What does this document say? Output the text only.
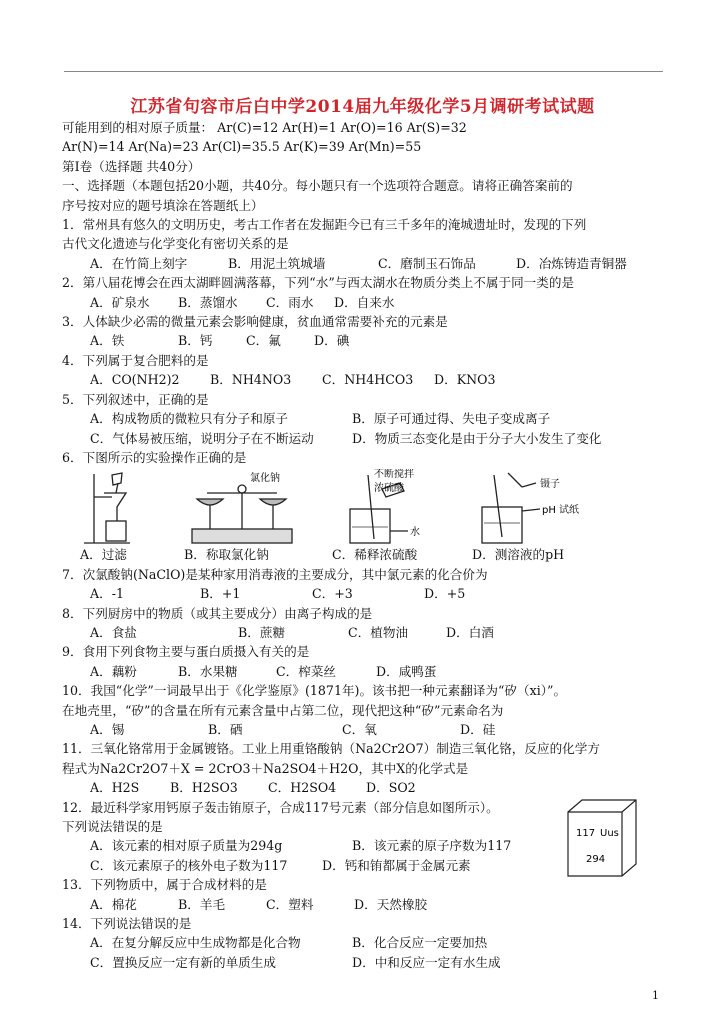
江苏省句容市后白中学2014届九年级化学5月调研考试试题
可能用到的相对原子质量： Ar(C)=12 Ar(H)=1 Ar(O)=16 Ar(S)=32
Ar(N)=14 Ar(Na)=23 Ar(Cl)=35.5 Ar(K)=39 Ar(Mn)=55
第Ⅰ卷（选择题 共40分）
一、选择题（本题包括20小题，共40分。每小题只有一个选项符合题意。请将正确答案前的
序号按对应的题号填涂在答题纸上）
1．常州具有悠久的文明历史，考古工作者在发掘距今已有三千多年的淹城遗址时，发现的下列
古代文化遗迹与化学变化有密切关系的是
A．在竹简上刻字	B．用泥土筑城墙	C．磨制玉石饰品	D．冶炼铸造青铜器
2．第八届花博会在西太湖畔圆满落幕，下列“水”与西太湖水在物质分类上不属于同一类的是
A．矿泉水	B．蒸馏水	C．雨水	D．自来水
3．人体缺少必需的微量元素会影响健康，贫血通常需要补充的元素是
A．铁	B．钙	C．氟	D．碘
4．下列属于复合肥料的是
A．CO(NH2)2	B．NH4NO3	C．NH4HCO3	D．KNO3
5．下列叙述中，正确的是
A．构成物质的微粒只有分子和原子	B．原子可通过得、失电子变成离子
C．气体易被压缩，说明分子在不断运动	D．物质三态变化是由于分子大小发生了变化
6．下图所示的实验操作正确的是
氯化钠	不断搅拌
浓硫酸
水
镊子
pH 试纸
A．过滤	B．称取氯化钠	C．稀释浓硫酸	D．测溶液的pH
7．次氯酸钠(NaClO)是某种家用消毒液的主要成分，其中氯元素的化合价为
A．-1	B．+1	C．+3	D．+5
8．下列厨房中的物质（或其主要成分）由离子构成的是
A．食盐	B．蔗糖	C．植物油	D．白酒
9．食用下列食物主要与蛋白质摄入有关的是
A．藕粉	B．水果糖	C．榨菜丝	D．咸鸭蛋
10．我国“化学”一词最早出于《化学鉴原》(1871年)。该书把一种元素翻译为“矽（xi）”。
在地壳里，“矽”的含量在所有元素含量中占第二位，现代把这种“矽”元素命名为
A．锡	B．硒	C．氧	D．硅
11．三氧化铬常用于金属镀铬。工业上用重铬酸钠（Na2Cr2O7）制造三氧化铬，反应的化学方
程式为Na2Cr2O7＋X = 2CrO3＋Na2SO4＋H2O，其中X的化学式是
A．H2S	B．H2SO3	C．H2SO4	D．SO2
12．最近科学家用钙原子轰击铕原子，合成117号元素（部分信息如图所示）。
下列说法错误的是
A．该元素的相对原子质量为294g	B．该元素的原子序数为117
C．该元素原子的核外电子数为117	D．钙和铕都属于金属元素
13．下列物质中，属于合成材料的是
A．棉花	B．羊毛	C．塑料	D．天然橡胶
14．下列说法错误的是
A．在复分解反应中生成物都是化合物	B．化合反应一定要加热
C．置换反应一定有新的单质生成	D．中和反应一定有水生成
117 Uus
294
1
